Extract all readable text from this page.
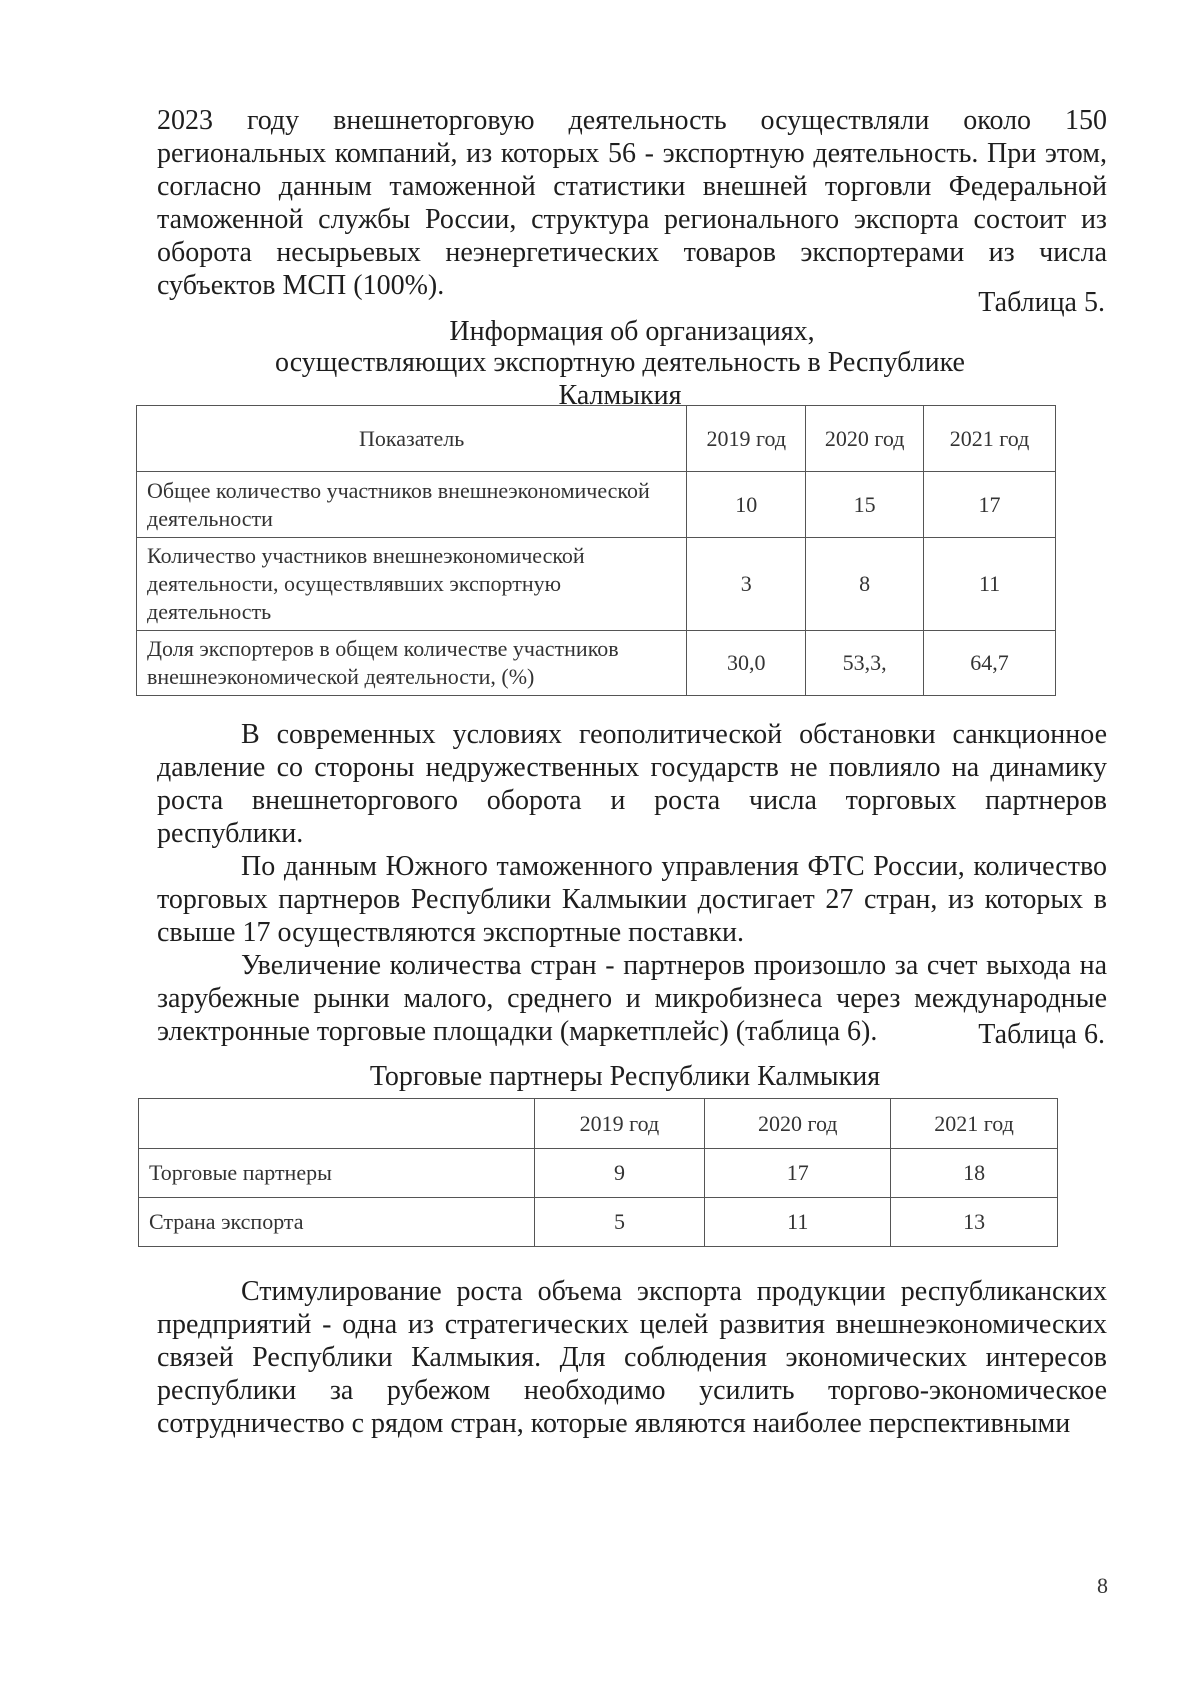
2023 году внешнеторговую деятельность осуществляли около 150 региональных компаний, из которых 56 - экспортную деятельность. При этом, согласно данным таможенной статистики внешней торговли Федеральной таможенной службы России, структура регионального экспорта состоит из оборота несырьевых неэнергетических товаров экспортерами из числа субъектов МСП (100%).

Таблица 5.
Информация об организациях,
осуществляющих экспортную деятельность в Республике Калмыкия
Показатель	2019 год	2020 год	2021 год
Общее количество участников внешнеэкономической деятельности	10	15	17
Количество участников внешнеэкономической деятельности, осуществлявших экспортную деятельность	3	8	11
Доля экспортеров в общем количестве участников внешнеэкономической деятельности, (%)	30,0	53,3,	64,7

В современных условиях геополитической обстановки санкционное давление со стороны недружественных государств не повлияло на динамику роста внешнеторгового оборота и роста числа торговых партнеров республики.

По данным Южного таможенного управления ФТС России, количество торговых партнеров Республики Калмыкии достигает 27 стран, из которых в свыше 17 осуществляются экспортные поставки.

Увеличение количества стран - партнеров произошло за счет выхода на зарубежные рынки малого, среднего и микробизнеса через международные электронные торговые площадки (маркетплейс) (таблица 6).	Таблица 6.
Торговые партнеры Республики Калмыкия
	2019 год	2020 год	2021 год
Торговые партнеры	9	17	18
Страна экспорта	5	11	13

Стимулирование роста объема экспорта продукции республиканских предприятий - одна из стратегических целей развития внешнеэкономических связей Республики Калмыкия. Для соблюдения экономических интересов республики за рубежом необходимо усилить торгово-экономическое сотрудничество с рядом стран, которые являются наиболее перспективными

8
